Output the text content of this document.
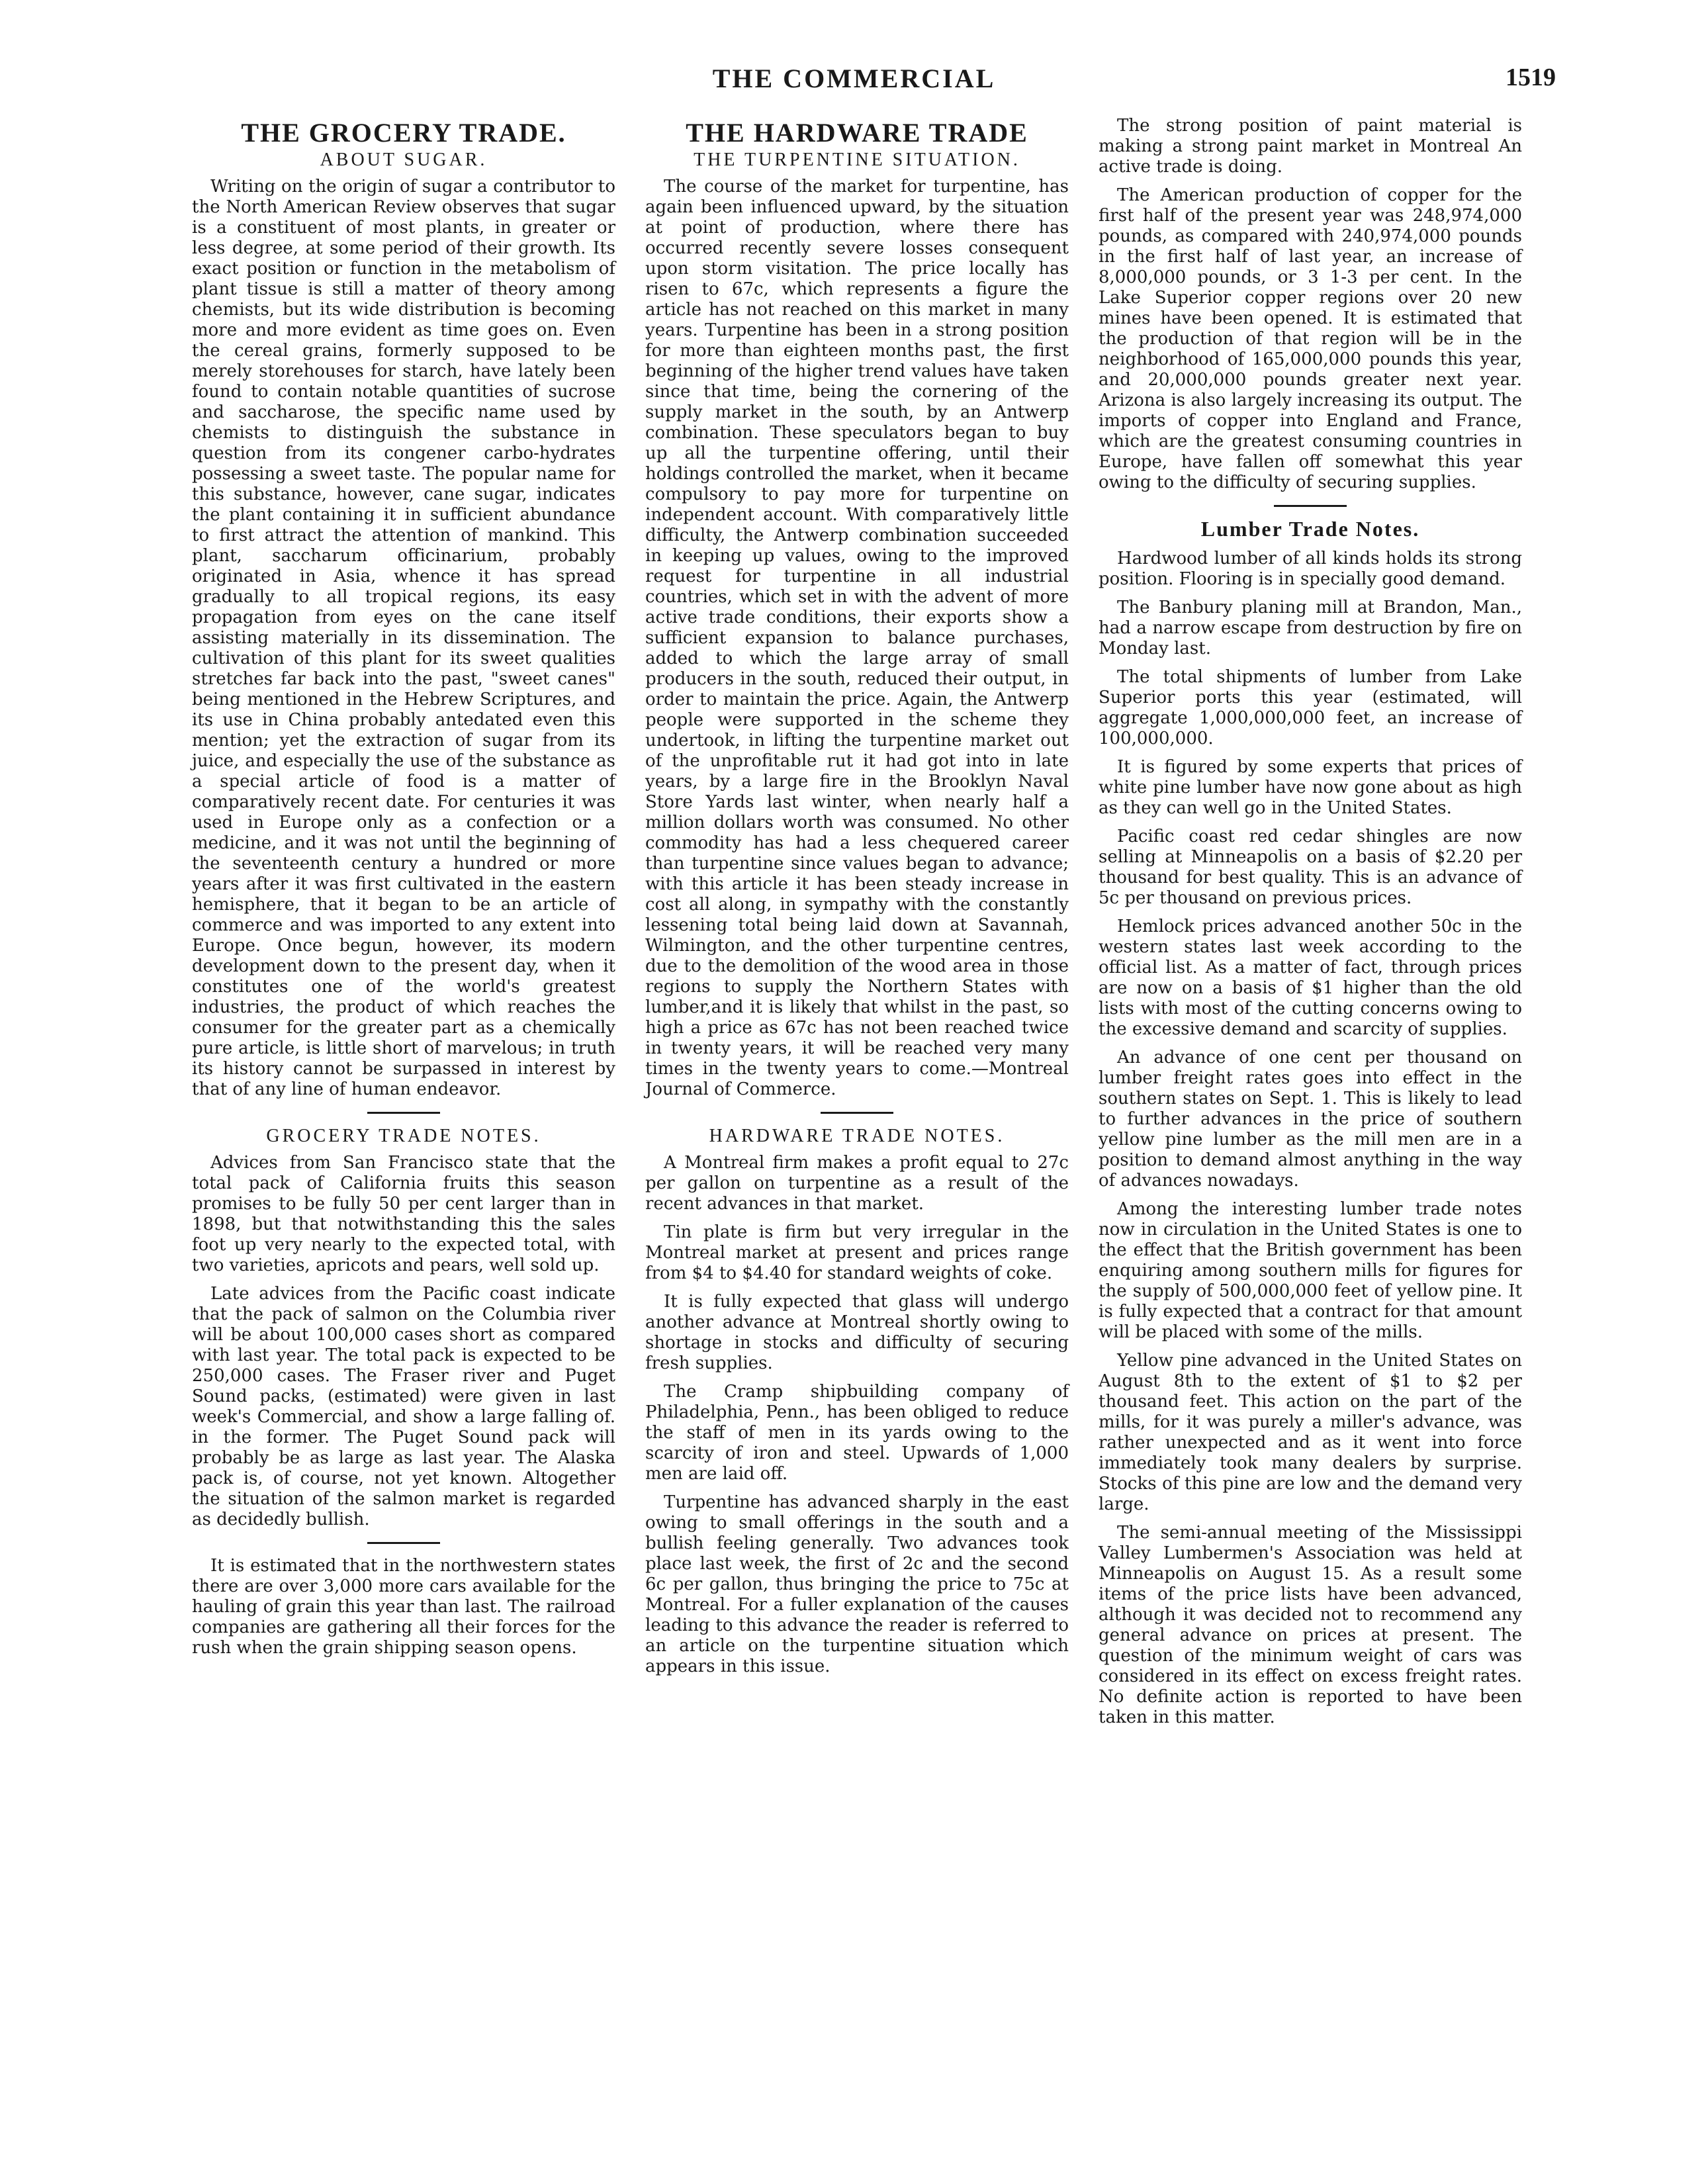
THE COMMERCIAL	1519
THE GROCERY TRADE.
ABOUT SUGAR.

Writing on the origin of sugar a contributor to the North American Review observes that sugar is a constituent of most plants, in greater or less degree, at some period of their growth. Its exact position or function in the metabolism of plant tissue is still a matter of theory among chemists, but its wide distribution is becoming more and more evident as time goes on. Even the cereal grains, formerly supposed to be merely storehouses for starch, have lately been found to contain notable quantities of sucrose and saccharose, the specific name used by chemists to distinguish the substance in question from its congener carbo-hydrates possessing a sweet taste. The popular name for this substance, however, cane sugar, indicates the plant containing it in sufficient abundance to first attract the attention of mankind. This plant, saccharum officinarium, probably originated in Asia, whence it has spread gradually to all tropical regions, its easy propagation from eyes on the cane itself assisting materially in its dissemination. The cultivation of this plant for its sweet qualities stretches far back into the past, "sweet canes" being mentioned in the Hebrew Scriptures, and its use in China probably antedated even this mention; yet the extraction of sugar from its juice, and especially the use of the substance as a special article of food is a matter of comparatively recent date. For centuries it was used in Europe only as a confection or a medicine, and it was not until the beginning of the seventeenth century a hundred or more years after it was first cultivated in the eastern hemisphere, that it began to be an article of commerce and was imported to any extent into Europe. Once begun, however, its modern development down to the present day, when it constitutes one of the world's greatest industries, the product of which reaches the consumer for the greater part as a chemically pure article, is little short of marvelous; in truth its history cannot be surpassed in interest by that of any line of human endeavor.

GROCERY TRADE NOTES.

Advices from San Francisco state that the total pack of California fruits this season promises to be fully 50 per cent larger than in 1898, but that notwithstanding this the sales foot up very nearly to the expected total, with two varieties, apricots and pears, well sold up.

Late advices from the Pacific coast indicate that the pack of salmon on the Columbia river will be about 100,000 cases short as compared with last year. The total pack is expected to be 250,000 cases. The Fraser river and Puget Sound packs, (estimated) were given in last week's Commercial, and show a large falling of. in the former. The Puget Sound pack will probably be as large as last year. The Alaska pack is, of course, not yet known. Altogether the situation of the salmon market is regarded as decidedly bullish.

It is estimated that in the northwestern states there are over 3,000 more cars available for the hauling of grain this year than last. The railroad companies are gathering all their forces for the rush when the grain shipping season opens.

THE HARDWARE TRADE
THE TURPENTINE SITUATION.

The course of the market for turpentine, has again been influenced upward, by the situation at point of production, where there has occurred recently severe losses consequent upon storm visitation. The price locally has risen to 67c, which represents a figure the article has not reached on this market in many years. Turpentine has been in a strong position for more than eighteen months past, the first beginning of the higher trend values have taken since that time, being the cornering of the supply market in the south, by an Antwerp combination. These speculators began to buy up all the turpentine offering, until their holdings controlled the market, when it became compulsory to pay more for turpentine on independent account. With comparatively little difficulty, the Antwerp combination succeeded in keeping up values, owing to the improved request for turpentine in all industrial countries, which set in with the advent of more active trade conditions, their exports show a sufficient expansion to balance purchases, added to which the large array of small producers in the south, reduced their output, in order to maintain the price. Again, the Antwerp people were supported in the scheme they undertook, in lifting the turpentine market out of the unprofitable rut it had got into in late years, by a large fire in the Brooklyn Naval Store Yards last winter, when nearly half a million dollars worth was consumed. No other commodity has had a less chequered career than turpentine since values began to advance; with this article it has been steady increase in cost all along, in sympathy with the constantly lessening total being laid down at Savannah, Wilmington, and the other turpentine centres, due to the demolition of the wood area in those regions to supply the Northern States with lumber,and it is likely that whilst in the past, so high a price as 67c has not been reached twice in twenty years, it will be reached very many times in the twenty years to come.—Montreal Journal of Commerce.

HARDWARE TRADE NOTES.

A Montreal firm makes a profit equal to 27c per gallon on turpentine as a result of the recent advances in that market.

Tin plate is firm but very irregular in the Montreal market at present and prices range from $4 to $4.40 for standard weights of coke.

It is fully expected that glass will undergo another advance at Montreal shortly owing to shortage in stocks and difficulty of securing fresh supplies.

The Cramp shipbuilding company of Philadelphia, Penn., has been obliged to reduce the staff of men in its yards owing to the scarcity of iron and steel. Upwards of 1,000 men are laid off.

Turpentine has advanced sharply in the east owing to small offerings in the south and a bullish feeling generally. Two advances took place last week, the first of 2c and the second 6c per gallon, thus bringing the price to 75c at Montreal. For a fuller explanation of the causes leading to this advance the reader is referred to an article on the turpentine situation which appears in this issue.

The strong position of paint material is making a strong paint market in Montreal An active trade is doing.

The American production of copper for the first half of the present year was 248,974,000 pounds, as compared with 240,974,000 pounds in the first half of last year, an increase of 8,000,000 pounds, or 3 1-3 per cent. In the Lake Superior copper regions over 20 new mines have been opened. It is estimated that the production of that region will be in the neighborhood of 165,000,000 pounds this year, and 20,000,000 pounds greater next year. Arizona is also largely increasing its output. The imports of copper into England and France, which are the greatest consuming countries in Europe, have fallen off somewhat this year owing to the difficulty of securing supplies.

Lumber Trade Notes.

Hardwood lumber of all kinds holds its strong position. Flooring is in specially good demand.

The Banbury planing mill at Brandon, Man., had a narrow escape from destruction by fire on Monday last.

The total shipments of lumber from Lake Superior ports this year (estimated, will aggregate 1,000,000,000 feet, an increase of 100,000,000.

It is figured by some experts that prices of white pine lumber have now gone about as high as they can well go in the United States.

Pacific coast red cedar shingles are now selling at Minneapolis on a basis of $2.20 per thousand for best quality. This is an advance of 5c per thousand on previous prices.

Hemlock prices advanced another 50c in the western states last week according to the official list. As a matter of fact, through prices are now on a basis of $1 higher than the old lists with most of the cutting concerns owing to the excessive demand and scarcity of supplies.

An advance of one cent per thousand on lumber freight rates goes into effect in the southern states on Sept. 1. This is likely to lead to further advances in the price of southern yellow pine lumber as the mill men are in a position to demand almost anything in the way of advances nowadays.

Among the interesting lumber trade notes now in circulation in the United States is one to the effect that the British government has been enquiring among southern mills for figures for the supply of 500,000,000 feet of yellow pine. It is fully expected that a contract for that amount will be placed with some of the mills.

Yellow pine advanced in the United States on August 8th to the extent of $1 to $2 per thousand feet. This action on the part of the mills, for it was purely a miller's advance, was rather unexpected and as it went into force immediately took many dealers by surprise. Stocks of this pine are low and the demand very large.

The semi-annual meeting of the Mississippi Valley Lumbermen's Association was held at Minneapolis on August 15. As a result some items of the price lists have been advanced, although it was decided not to recommend any general advance on prices at present. The question of the minimum weight of cars was considered in its effect on excess freight rates. No definite action is reported to have been taken in this matter.
